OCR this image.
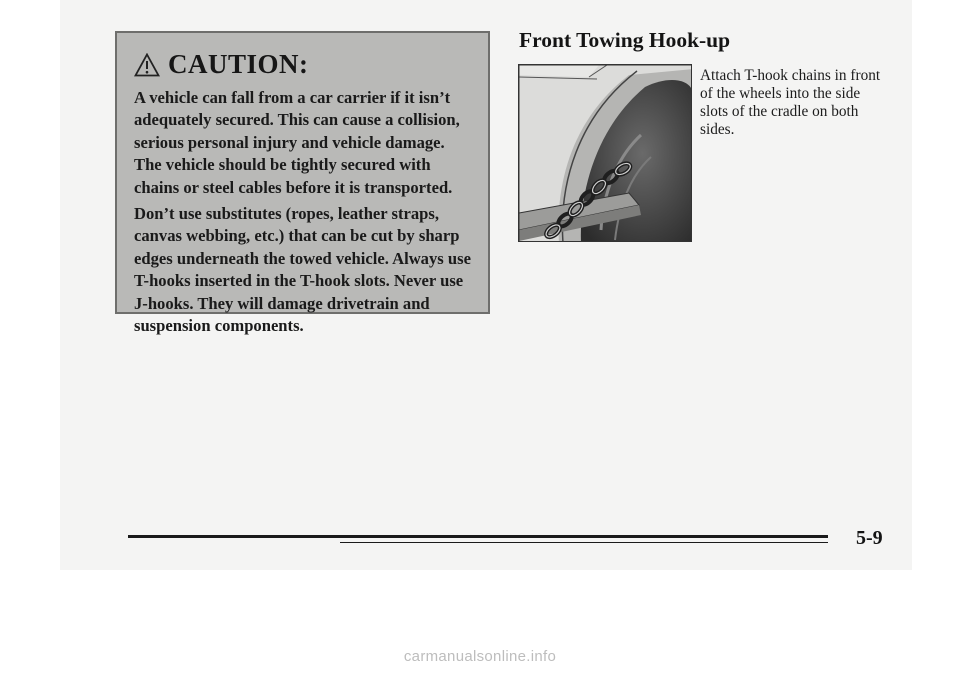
CAUTION:

A vehicle can fall from a car carrier if it isn’t adequately secured. This can cause a collision, serious personal injury and vehicle damage. The vehicle should be tightly secured with chains or steel cables before it is transported.

Don’t use substitutes (ropes, leather straps, canvas webbing, etc.) that can be cut by sharp edges underneath the towed vehicle. Always use T-hooks inserted in the T-hook slots. Never use J-hooks. They will damage drivetrain and suspension components.

Front Towing Hook-up

Attach T-hook chains in front of the wheels into the side slots of the cradle on both sides.

5-9
carmanualsonline.info
